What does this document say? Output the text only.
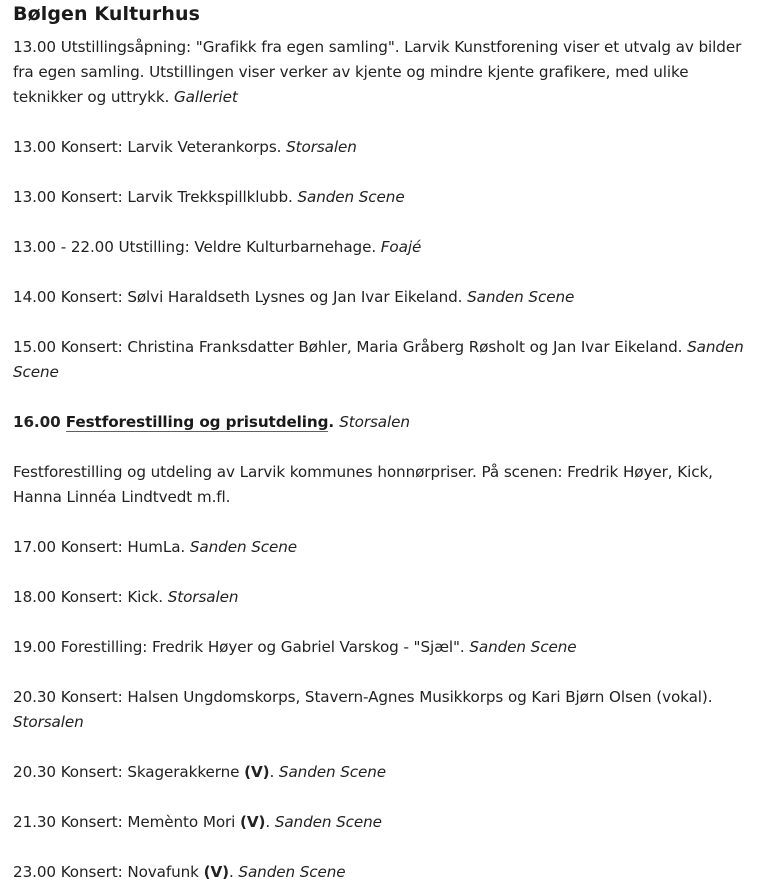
Bølgen Kulturhus

13.00 Utstillingsåpning: "Grafikk fra egen samling". Larvik Kunstforening viser et utvalg av bilder fra egen samling. Utstillingen viser verker av kjente og mindre kjente grafikere, med ulike teknikker og uttrykk. Galleriet

13.00 Konsert: Larvik Veterankorps. Storsalen

13.00 Konsert: Larvik Trekkspillklubb. Sanden Scene

13.00 - 22.00 Utstilling: Veldre Kulturbarnehage. Foajé

14.00 Konsert: Sølvi Haraldseth Lysnes og Jan Ivar Eikeland. Sanden Scene

15.00 Konsert: Christina Franksdatter Bøhler, Maria Gråberg Røsholt og Jan Ivar Eikeland. Sanden Scene

16.00 Festforestilling og prisutdeling. Storsalen

Festforestilling og utdeling av Larvik kommunes honnørpriser. På scenen: Fredrik Høyer, Kick, Hanna Linnéa Lindtvedt m.fl.

17.00 Konsert: HumLa. Sanden Scene

18.00 Konsert: Kick. Storsalen

19.00 Forestilling: Fredrik Høyer og Gabriel Varskog - "Sjæl". Sanden Scene

20.30 Konsert: Halsen Ungdomskorps, Stavern-Agnes Musikkorps og Kari Bjørn Olsen (vokal). Storsalen

20.30 Konsert: Skagerakkerne (V). Sanden Scene

21.30 Konsert: Memènto Mori (V). Sanden Scene

23.00 Konsert: Novafunk (V). Sanden Scene
